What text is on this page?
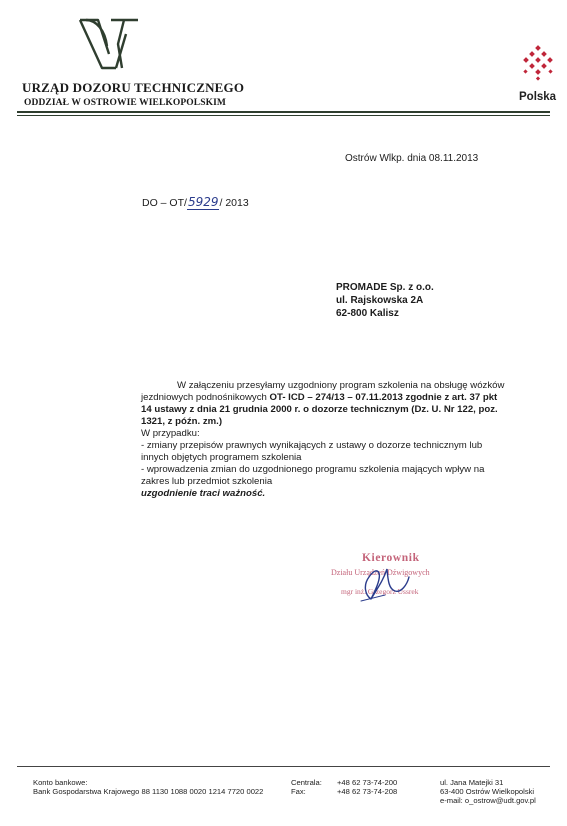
URZĄD DOZORU TECHNICZNEGO
ODDZIAŁ W OSTROWIE WIELKOPOLSKIM	Polska
Ostrów Wlkp. dnia 08.11.2013
DO – OT/5929/ 2013
PROMADE Sp. z o.o.
ul. Rajskowska 2A
62-800 Kalisz
W załączeniu przesyłamy uzgodniony program szkolenia na obsługę wózków
jezdniowych podnośnikowych OT- ICD – 274/13 – 07.11.2013 zgodnie z art. 37 pkt
14 ustawy z dnia 21 grudnia 2000 r. o dozorze technicznym (Dz. U. Nr 122, poz.
1321, z późn. zm.)
W przypadku:
- zmiany przepisów prawnych wynikających z ustawy o dozorze technicznym lub
innych objętych programem szkolenia
- wprowadzenia zmian do uzgodnionego programu szkolenia mających wpływ na
zakres lub przedmiot szkolenia
uzgodnienie traci ważność.
Kierownik
Działu Urządzeń Dźwigowych
mgr inż. Grzegorz Ussrek
Konto bankowe:
Bank Gospodarstwa Krajowego 88 1130 1088 0020 1214 7720 0022
Centrala: +48 62 73-74-200
Fax:	+48 62 73-74-208
ul. Jana Matejki 31
63-400 Ostrów Wielkopolski
e-mail: o_ostrow@udt.gov.pl
